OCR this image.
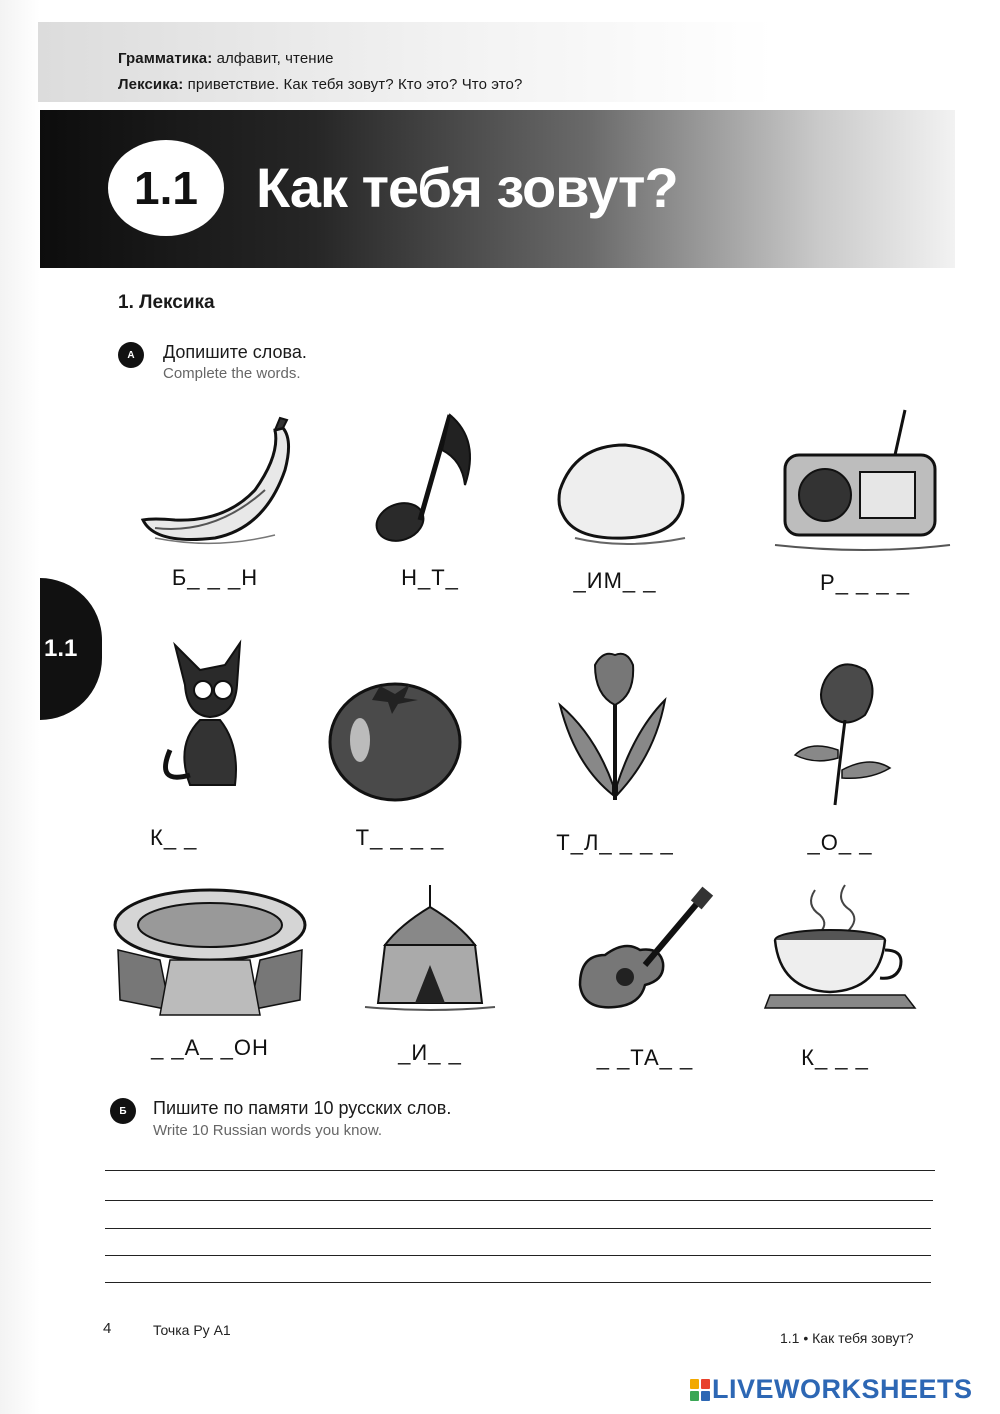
Грамматика: алфавит, чтение
Лексика: приветствие. Как тебя зовут? Кто это? Что это?
1.1	Как тебя зовут?
1.1
1. Лексика
А	Допишите слова.
Complete the words.
Б_ _ _Н	Н_Т_	_ИМ_ _	Р_ _ _ _
К_ _	Т_ _ _ _	Т_Л_ _ _ _	_О_ _
_ _А_ _ОН	_И_ _	_ _ТА_ _	К_ _ _
Б	Пишите по памяти 10 русских слов.
Write 10 Russian words you know.
4	Точка Ру А1	1.1 • Как тебя зовут?
LIVEWORKSHEETS
